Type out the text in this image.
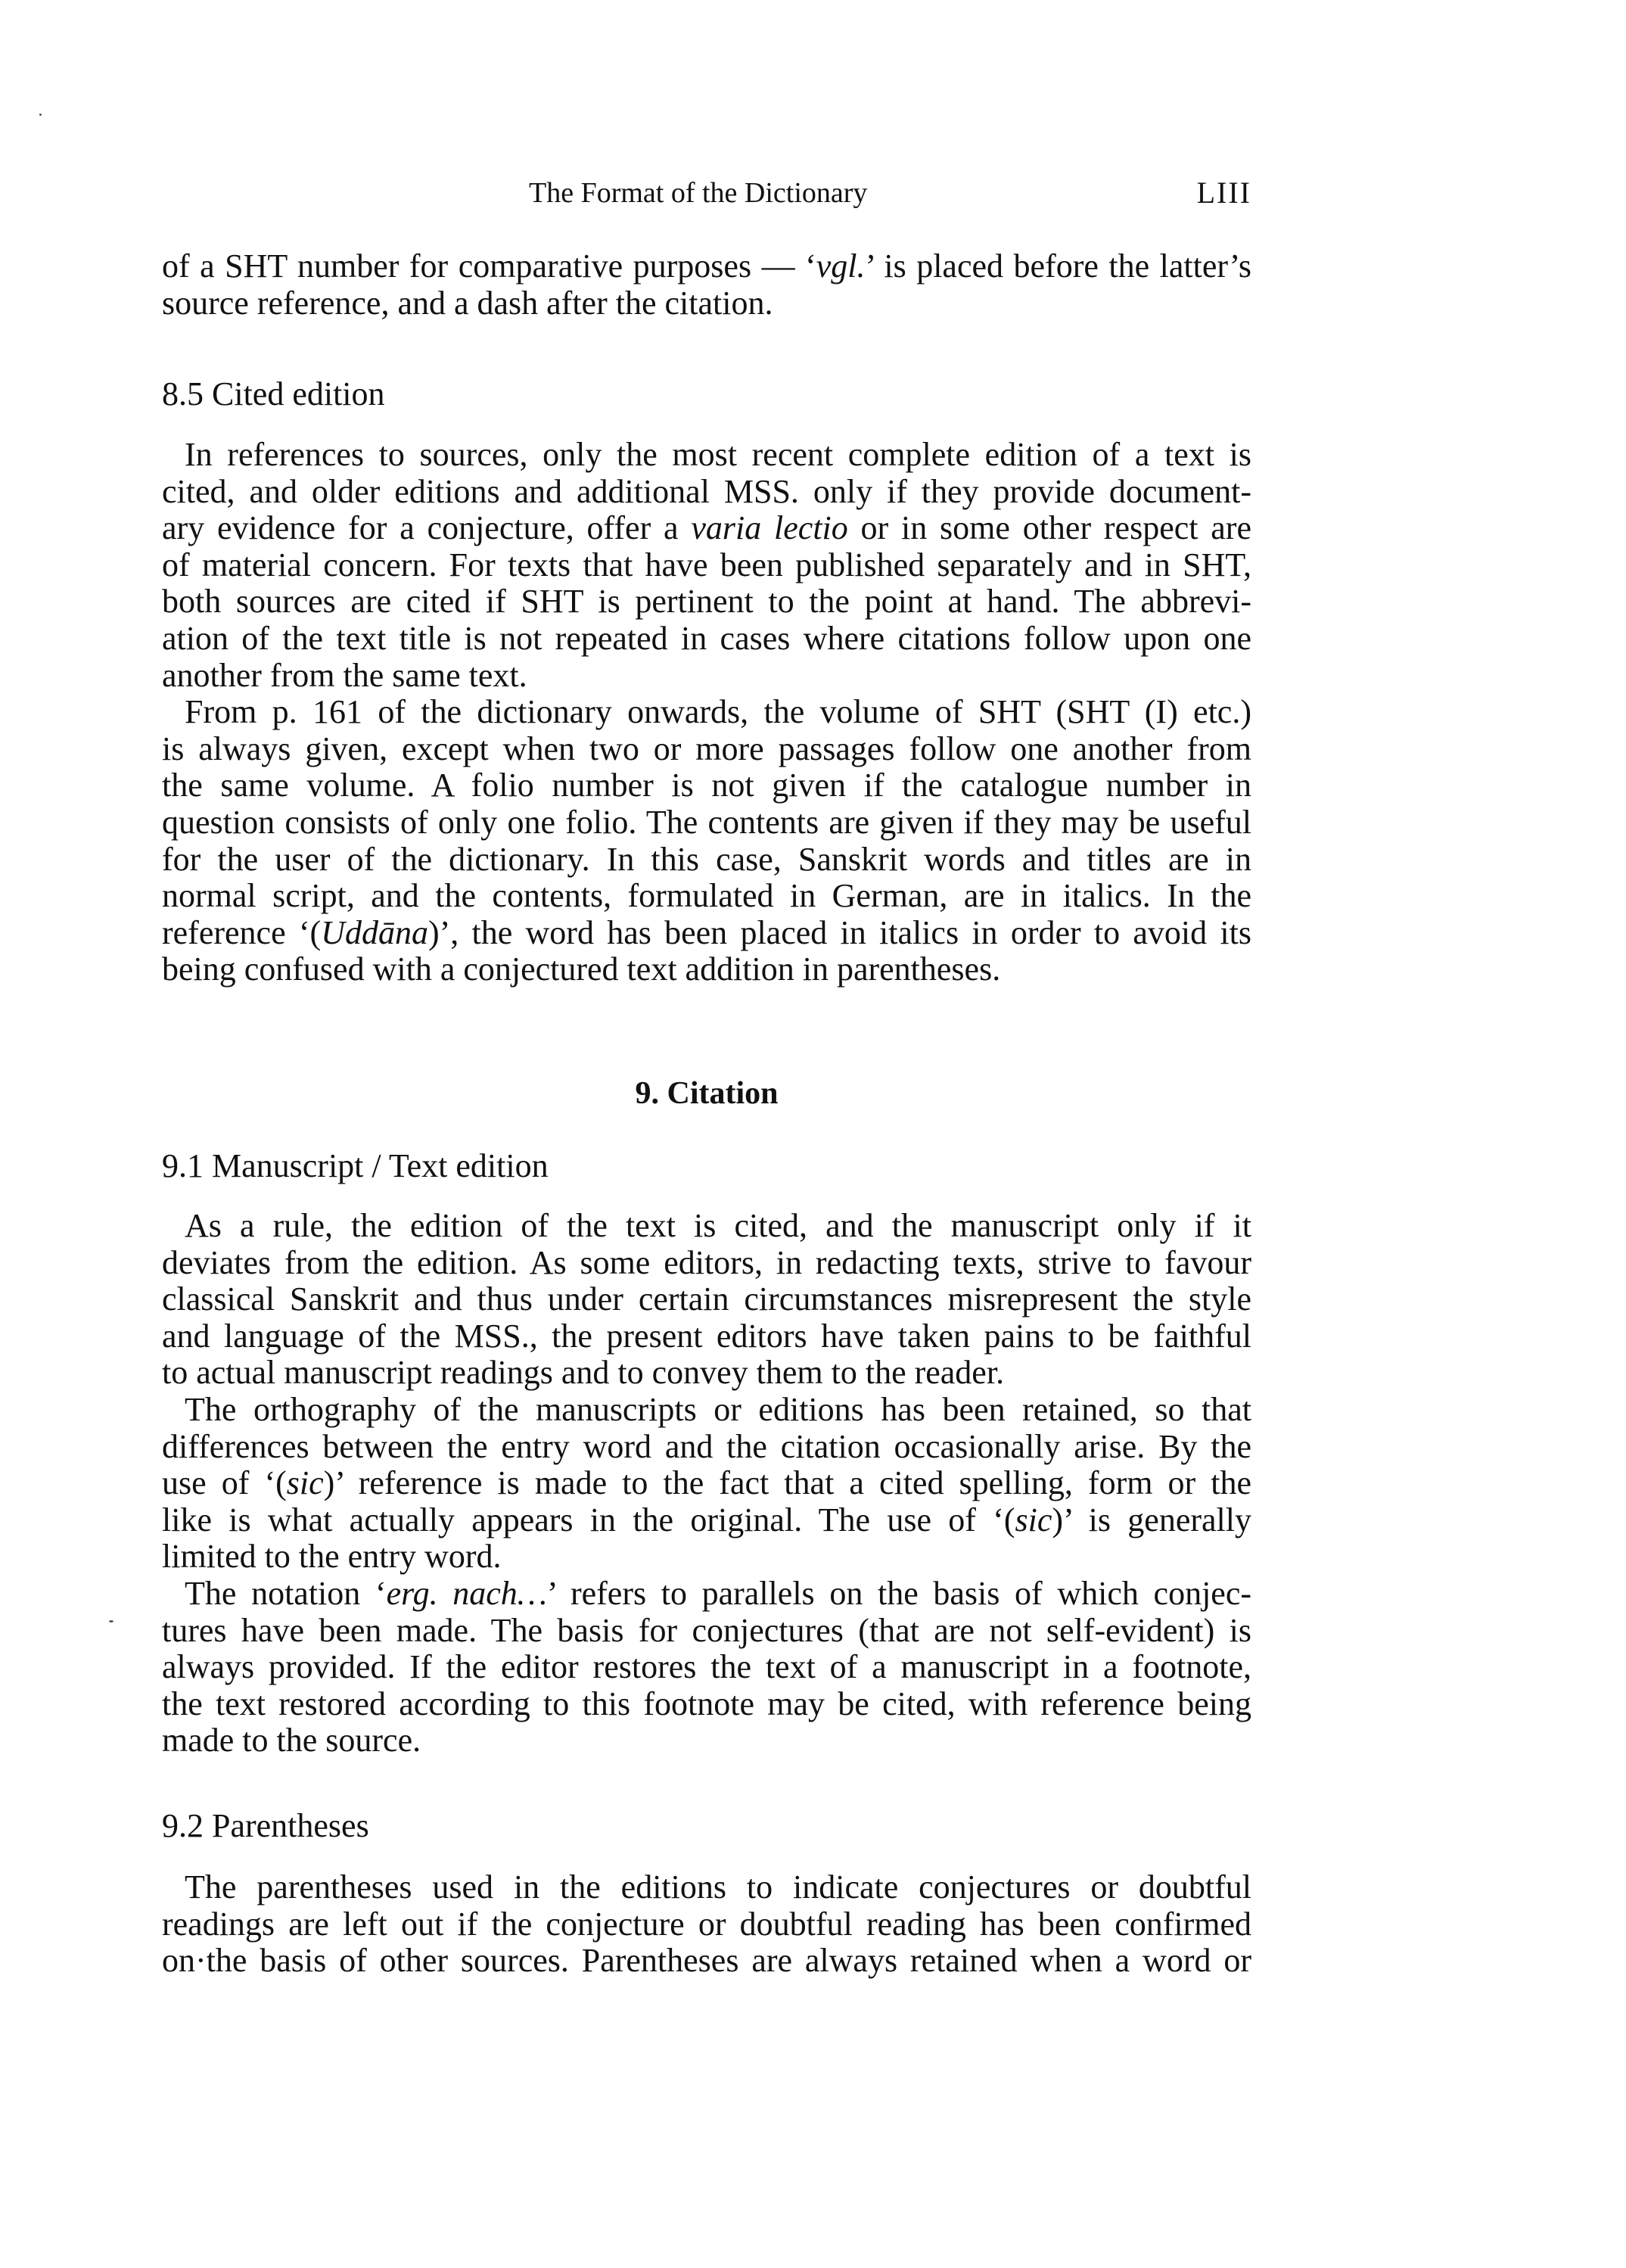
The Format of the Dictionary	LIII
of a SHT number for comparative purposes — ‘vgl.’ is placed before the latter’s
source reference, and a dash after the citation.
8.5 Cited edition
In references to sources, only the most recent complete edition of a text is
cited, and older editions and additional MSS. only if they provide document-
ary evidence for a conjecture, offer a varia lectio or in some other respect are
of material concern. For texts that have been published separately and in SHT,
both sources are cited if SHT is pertinent to the point at hand. The abbrevi-
ation of the text title is not repeated in cases where citations follow upon one
another from the same text.
From p. 161 of the dictionary onwards, the volume of SHT (SHT (I) etc.)
is always given, except when two or more passages follow one another from
the same volume. A folio number is not given if the catalogue number in
question consists of only one folio. The contents are given if they may be useful
for the user of the dictionary. In this case, Sanskrit words and titles are in
normal script, and the contents, formulated in German, are in italics. In the
reference ‘(Uddāna)’, the word has been placed in italics in order to avoid its
being confused with a conjectured text addition in parentheses.
9. Citation
9.1 Manuscript / Text edition
As a rule, the edition of the text is cited, and the manuscript only if it
deviates from the edition. As some editors, in redacting texts, strive to favour
classical Sanskrit and thus under certain circumstances misrepresent the style
and language of the MSS., the present editors have taken pains to be faithful
to actual manuscript readings and to convey them to the reader.
The orthography of the manuscripts or editions has been retained, so that
differences between the entry word and the citation occasionally arise. By the
use of ‘(sic)’ reference is made to the fact that a cited spelling, form or the
like is what actually appears in the original. The use of ‘(sic)’ is generally
limited to the entry word.
The notation ‘erg. nach…’ refers to parallels on the basis of which conjec-
tures have been made. The basis for conjectures (that are not self-evident) is
always provided. If the editor restores the text of a manuscript in a footnote,
the text restored according to this footnote may be cited, with reference being
made to the source.
9.2 Parentheses
The parentheses used in the editions to indicate conjectures or doubtful
readings are left out if the conjecture or doubtful reading has been confirmed
on·the basis of other sources. Parentheses are always retained when a word or
